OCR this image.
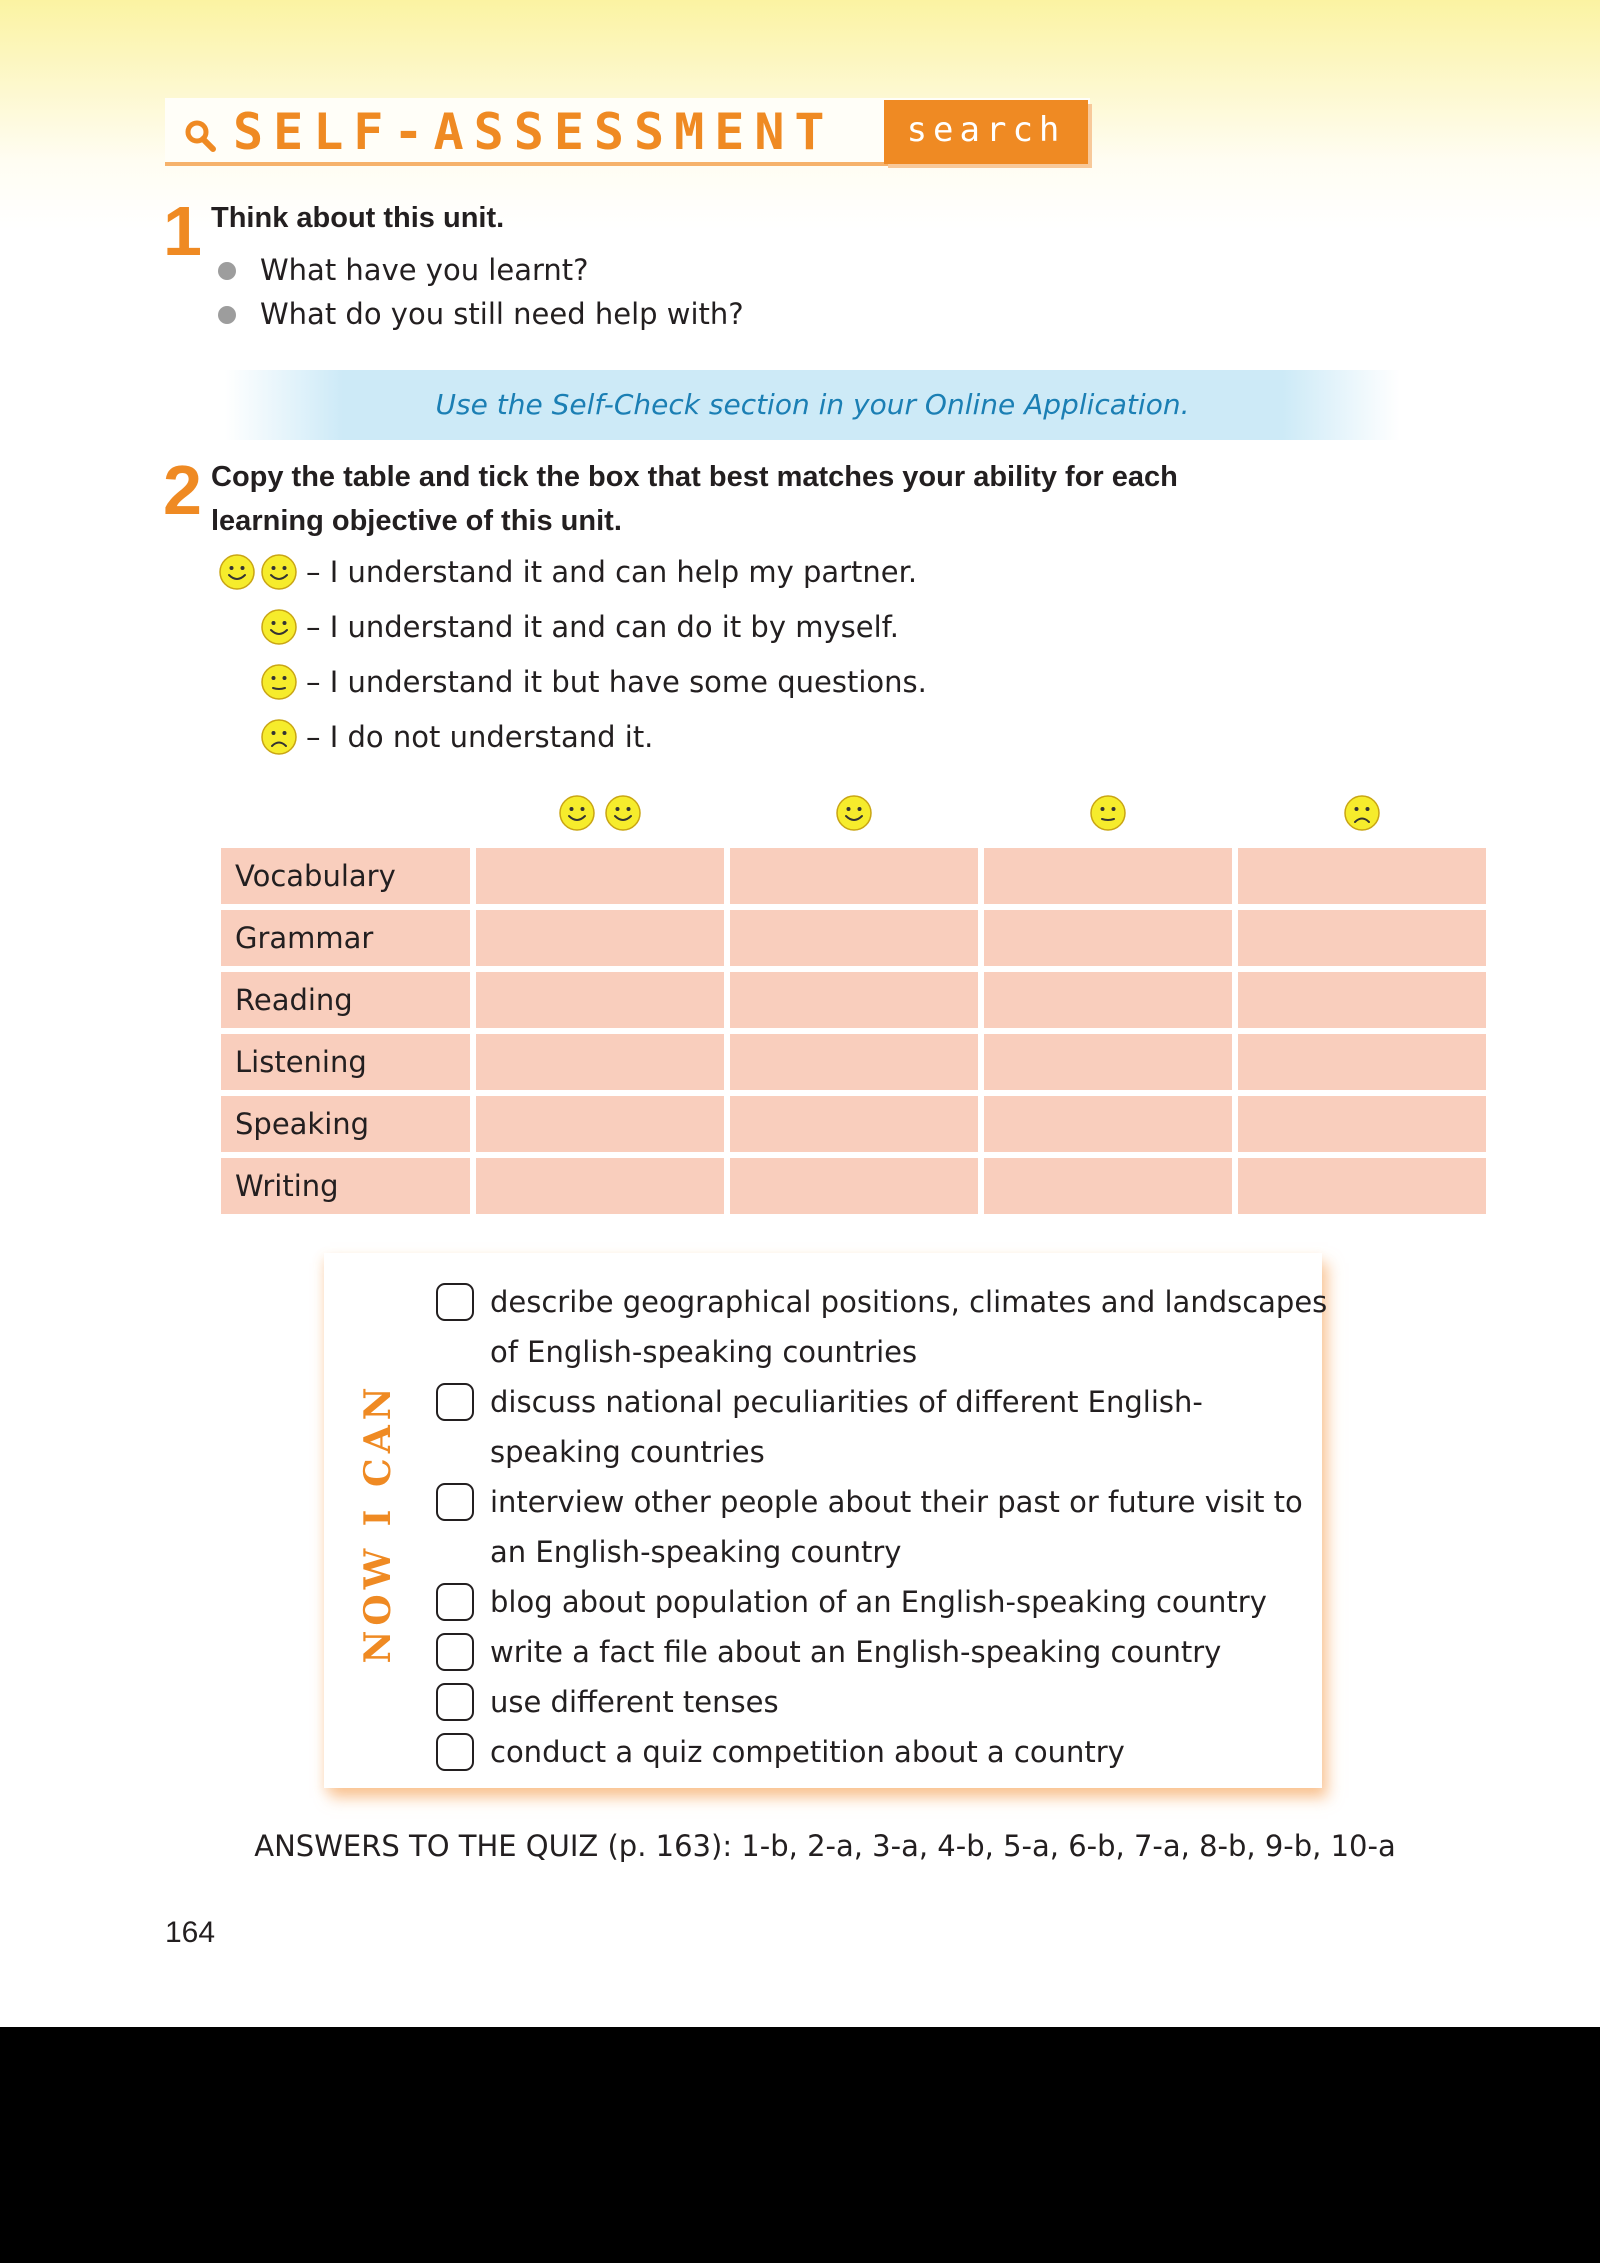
SELF-ASSESSMENT	search
1 Think about this unit.
What have you learnt?
What do you still need help with?
Use the Self-Check section in your Online Application.
2 Copy the table and tick the box that best matches your ability for each
learning objective of this unit.
– I understand it and can help my partner.
– I understand it and can do it by myself.
– I understand it but have some questions.
– I do not understand it.
Vocabulary
Grammar
Reading
Listening
Speaking
Writing
NOW I CAN
describe geographical positions, climates and landscapes
of English-speaking countries
discuss national peculiarities of different English-
speaking countries
interview other people about their past or future visit to
an English-speaking country
blog about population of an English-speaking country
write a fact file about an English-speaking country
use different tenses
conduct a quiz competition about a country
ANSWERS TO THE QUIZ (p. 163): 1-b, 2-a, 3-a, 4-b, 5-a, 6-b, 7-a, 8-b, 9-b, 10-a
164
